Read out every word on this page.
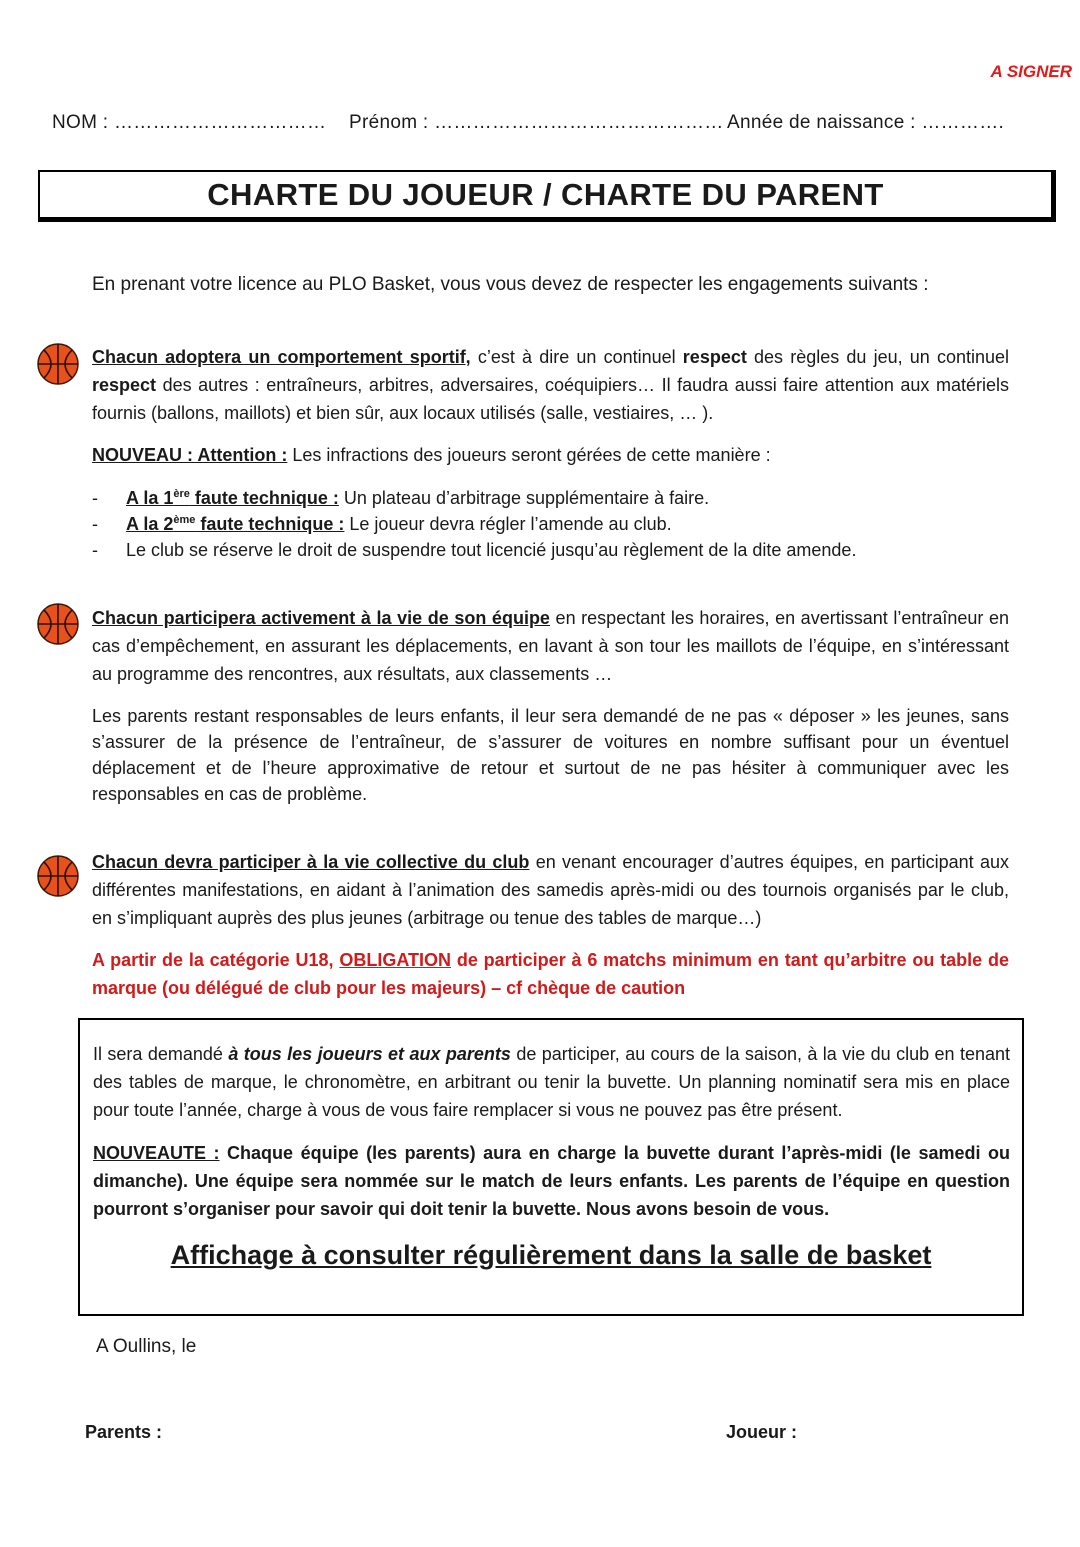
A SIGNER
NOM : …………………………… Prénom : ……………………………………… Année de naissance : ………….
CHARTE DU JOUEUR / CHARTE DU PARENT
En prenant votre licence au PLO Basket, vous vous devez de respecter les engagements suivants :
Chacun adoptera un comportement sportif, c’est à dire un continuel respect des règles du jeu, un continuel respect des autres : entraîneurs, arbitres, adversaires, coéquipiers… Il faudra aussi faire attention aux matériels fournis (ballons, maillots) et bien sûr, aux locaux utilisés (salle, vestiaires, … ).
NOUVEAU : Attention : Les infractions des joueurs seront gérées de cette manière :
- A la 1ère faute technique : Un plateau d’arbitrage supplémentaire à faire.
- A la 2ème faute technique : Le joueur devra régler l’amende au club.
- Le club se réserve le droit de suspendre tout licencié jusqu’au règlement de la dite amende.
Chacun participera activement à la vie de son équipe en respectant les horaires, en avertissant l’entraîneur en cas d’empêchement, en assurant les déplacements, en lavant à son tour les maillots de l’équipe, en s’intéressant au programme des rencontres, aux résultats, aux classements …
Les parents restant responsables de leurs enfants, il leur sera demandé de ne pas « déposer » les jeunes, sans s’assurer de la présence de l’entraîneur, de s’assurer de voitures en nombre suffisant pour un éventuel déplacement et de l’heure approximative de retour et surtout de ne pas hésiter à communiquer avec les responsables en cas de problème.
Chacun devra participer à la vie collective du club en venant encourager d’autres équipes, en participant aux différentes manifestations, en aidant à l’animation des samedis après-midi ou des tournois organisés par le club, en s’impliquant auprès des plus jeunes (arbitrage ou tenue des tables de marque…)
A partir de la catégorie U18, OBLIGATION de participer à 6 matchs minimum en tant qu’arbitre ou table de marque (ou délégué de club pour les majeurs) – cf chèque de caution
Il sera demandé à tous les joueurs et aux parents de participer, au cours de la saison, à la vie du club en tenant des tables de marque, le chronomètre, en arbitrant ou tenir la buvette. Un planning nominatif sera mis en place pour toute l’année, charge à vous de vous faire remplacer si vous ne pouvez pas être présent.
NOUVEAUTE : Chaque équipe (les parents) aura en charge la buvette durant l’après-midi (le samedi ou dimanche). Une équipe sera nommée sur le match de leurs enfants. Les parents de l’équipe en question pourront s’organiser pour savoir qui doit tenir la buvette. Nous avons besoin de vous.
Affichage à consulter régulièrement dans la salle de basket
A Oullins, le
Parents :	Joueur :
